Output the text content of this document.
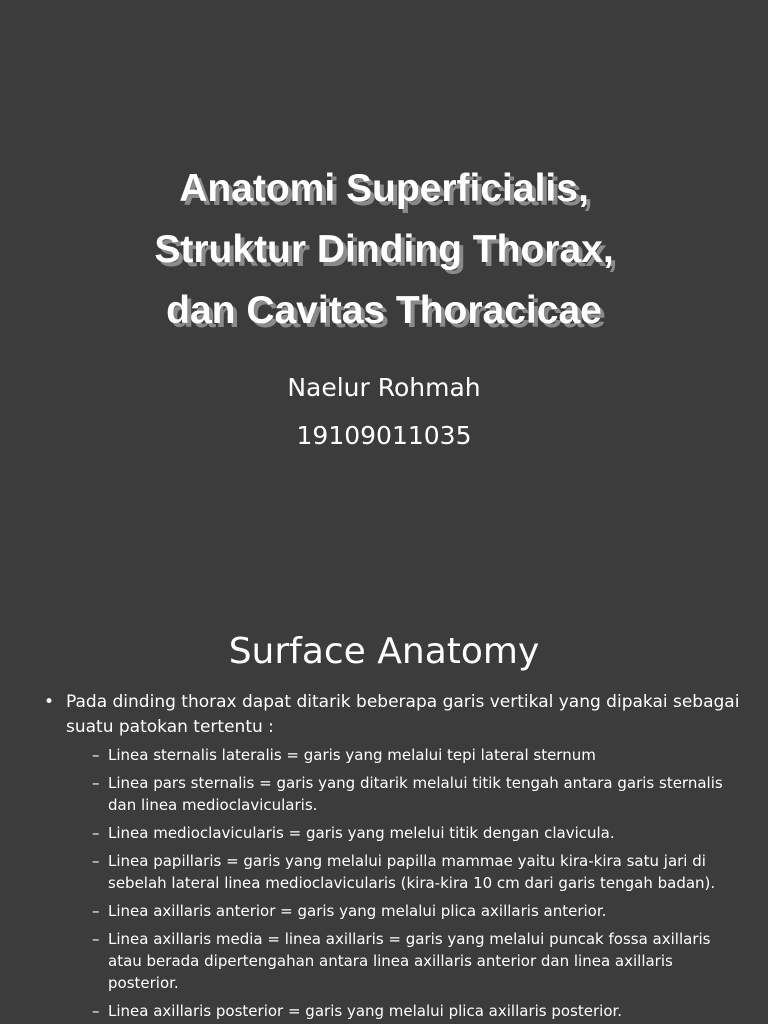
Anatomi Superficialis,
Struktur Dinding Thorax,
dan Cavitas Thoracicae
Naelur Rohmah
19109011035
Surface Anatomy
• Pada dinding thorax dapat ditarik beberapa garis vertikal yang dipakai sebagai suatu patokan tertentu :
– Linea sternalis lateralis = garis yang melalui tepi lateral sternum
– Linea pars sternalis = garis yang ditarik melalui titik tengah antara garis sternalis dan linea medioclavicularis.
– Linea medioclavicularis = garis yang melelui titik dengan clavicula.
– Linea papillaris = garis yang melalui papilla mammae yaitu kira-kira satu jari di sebelah lateral linea medioclavicularis (kira-kira 10 cm dari garis tengah badan).
– Linea axillaris anterior = garis yang melalui plica axillaris anterior.
– Linea axillaris media = linea axillaris = garis yang melalui puncak fossa axillaris atau berada dipertengahan antara linea axillaris anterior dan linea axillaris posterior.
– Linea axillaris posterior = garis yang melalui plica axillaris posterior.
